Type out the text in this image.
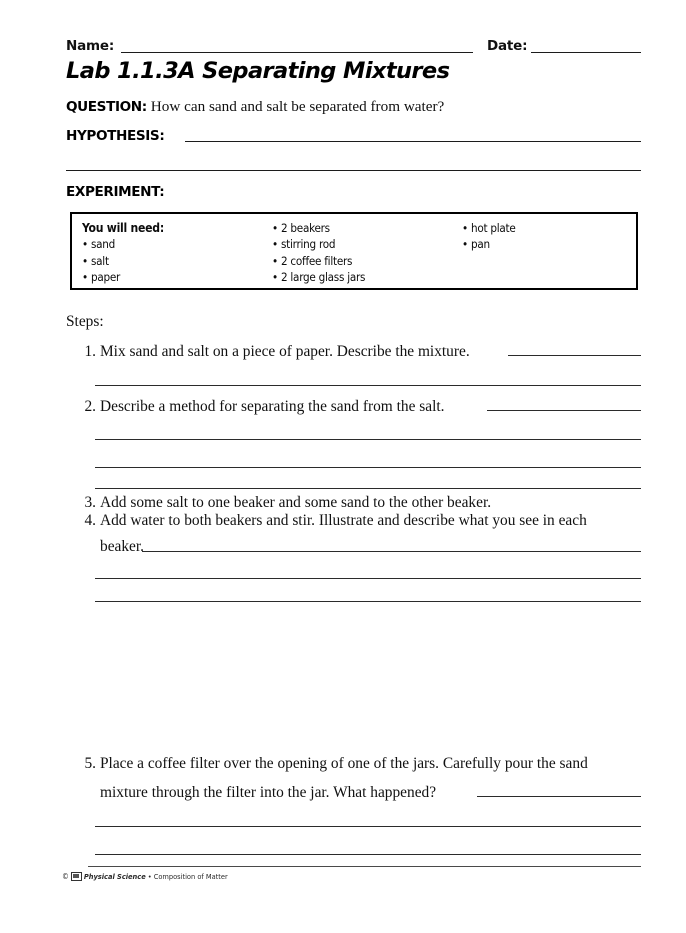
Name:	Date:
Lab 1.1.3A Separating Mixtures
QUESTION: How can sand and salt be separated from water?
HYPOTHESIS:
EXPERIMENT:
You will need:
• sand
• salt
• paper
• 2 beakers
• stirring rod
• 2 coffee filters
• 2 large glass jars
• hot plate
• pan
Steps:
1. Mix sand and salt on a piece of paper. Describe the mixture.
2. Describe a method for separating the sand from the salt.
3. Add some salt to one beaker and some sand to the other beaker.
4. Add water to both beakers and stir. Illustrate and describe what you see in each
beaker.
5. Place a coffee filter over the opening of one of the jars. Carefully pour the sand
mixture through the filter into the jar. What happened?
© Physical Science • Composition of Matter
